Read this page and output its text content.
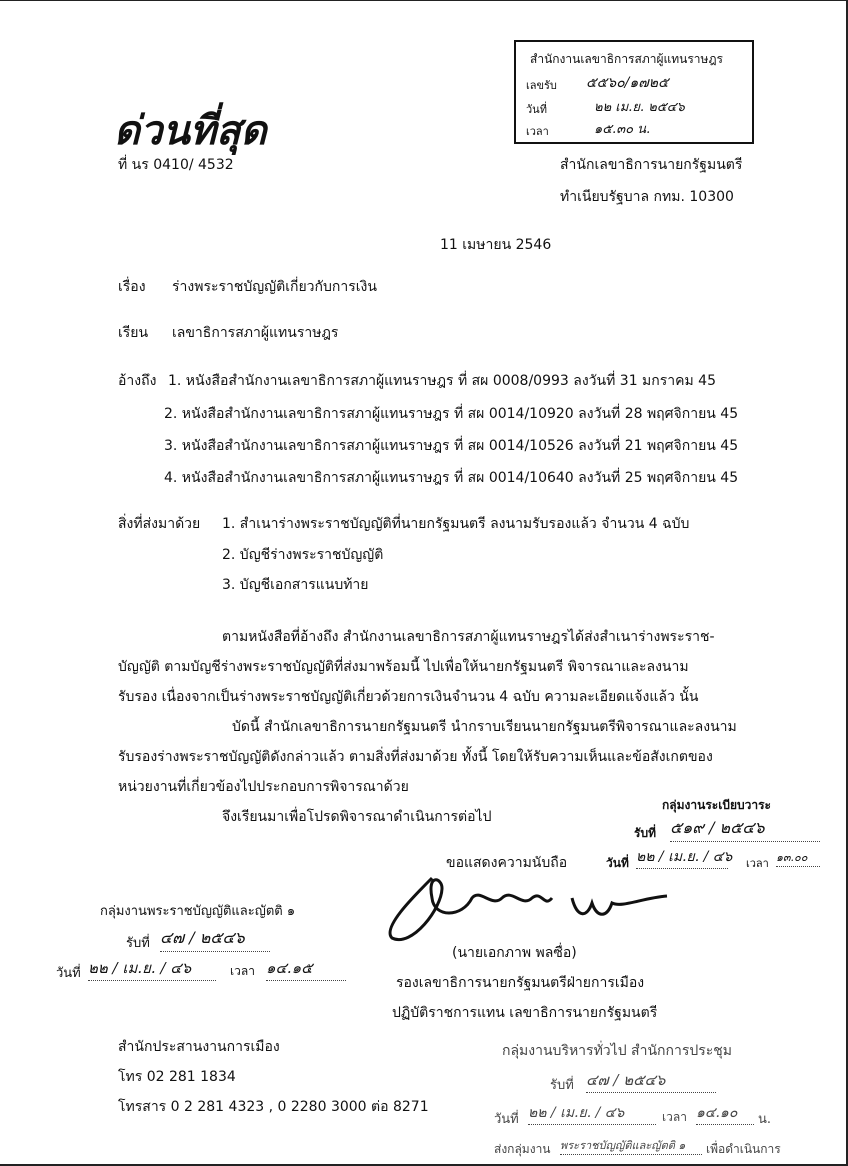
สำนักงานเลขาธิการสภาผู้แทนราษฎร
เลขรับ ๕๕๖๐/๑๗๒๕
วันที่	๒๒ เม.ย. ๒๕๔๖
เวลา	๑๕.๓๐ น.
ด่วนที่สุด
ที่ นร 0410/ 4532	สำนักเลขาธิการนายกรัฐมนตรี
ทำเนียบรัฐบาล กทม. 10300
11 เมษายน 2546
เรื่อง ร่างพระราชบัญญัติเกี่ยวกับการเงิน
เรียน เลขาธิการสภาผู้แทนราษฎร
อ้างถึง 1. หนังสือสำนักงานเลขาธิการสภาผู้แทนราษฎร ที่ สผ 0008/0993 ลงวันที่ 31 มกราคม 45
2. หนังสือสำนักงานเลขาธิการสภาผู้แทนราษฎร ที่ สผ 0014/10920 ลงวันที่ 28 พฤศจิกายน 45
3. หนังสือสำนักงานเลขาธิการสภาผู้แทนราษฎร ที่ สผ 0014/10526 ลงวันที่ 21 พฤศจิกายน 45
4. หนังสือสำนักงานเลขาธิการสภาผู้แทนราษฎร ที่ สผ 0014/10640 ลงวันที่ 25 พฤศจิกายน 45
สิ่งที่ส่งมาด้วย 1. สำเนาร่างพระราชบัญญัติที่นายกรัฐมนตรี ลงนามรับรองแล้ว จำนวน 4 ฉบับ
2. บัญชีร่างพระราชบัญญัติ
3. บัญชีเอกสารแนบท้าย
ตามหนังสือที่อ้างถึง สำนักงานเลขาธิการสภาผู้แทนราษฎรได้ส่งสำเนาร่างพระราช-
บัญญัติ ตามบัญชีร่างพระราชบัญญัติที่ส่งมาพร้อมนี้ ไปเพื่อให้นายกรัฐมนตรี พิจารณาและลงนาม
รับรอง เนื่องจากเป็นร่างพระราชบัญญัติเกี่ยวด้วยการเงินจำนวน 4 ฉบับ ความละเอียดแจ้งแล้ว นั้น
บัดนี้ สำนักเลขาธิการนายกรัฐมนตรี นำกราบเรียนนายกรัฐมนตรีพิจารณาและลงนาม
รับรองร่างพระราชบัญญัติดังกล่าวแล้ว ตามสิ่งที่ส่งมาด้วย ทั้งนี้ โดยให้รับความเห็นและข้อสังเกตของ
หน่วยงานที่เกี่ยวข้องไปประกอบการพิจารณาด้วย
จึงเรียนมาเพื่อโปรดพิจารณาดำเนินการต่อไป
กลุ่มงานระเบียบวาระ
รับที่ ๕๑๙ / ๒๕๔๖
วันที่ ๒๒ / เม.ย. / ๔๖ เวลา ๑๓.๐๐
ขอแสดงความนับถือ
(นายเอกภาพ พลซื่อ)
รองเลขาธิการนายกรัฐมนตรีฝ่ายการเมือง
ปฏิบัติราชการแทน เลขาธิการนายกรัฐมนตรี
กลุ่มงานพระราชบัญญัติและญัตติ ๑
รับที่ ๔๗ / ๒๕๔๖
วันที่ ๒๒ / เม.ย. / ๔๖	เวลา ๑๔.๑๕
สำนักประสานงานการเมือง
โทร 02 281 1834
โทรสาร 0 2 281 4323 , 0 2280 3000 ต่อ 8271
กลุ่มงานบริหารทั่วไป สำนักการประชุม
รับที่ ๔๗ / ๒๕๔๖
วันที่ ๒๒ / เม.ย. / ๔๖	เวลา ๑๔.๑๐	น.
ส่งกลุ่มงาน พระราชบัญญัติและญัตติ ๑	เพื่อดำเนินการ
